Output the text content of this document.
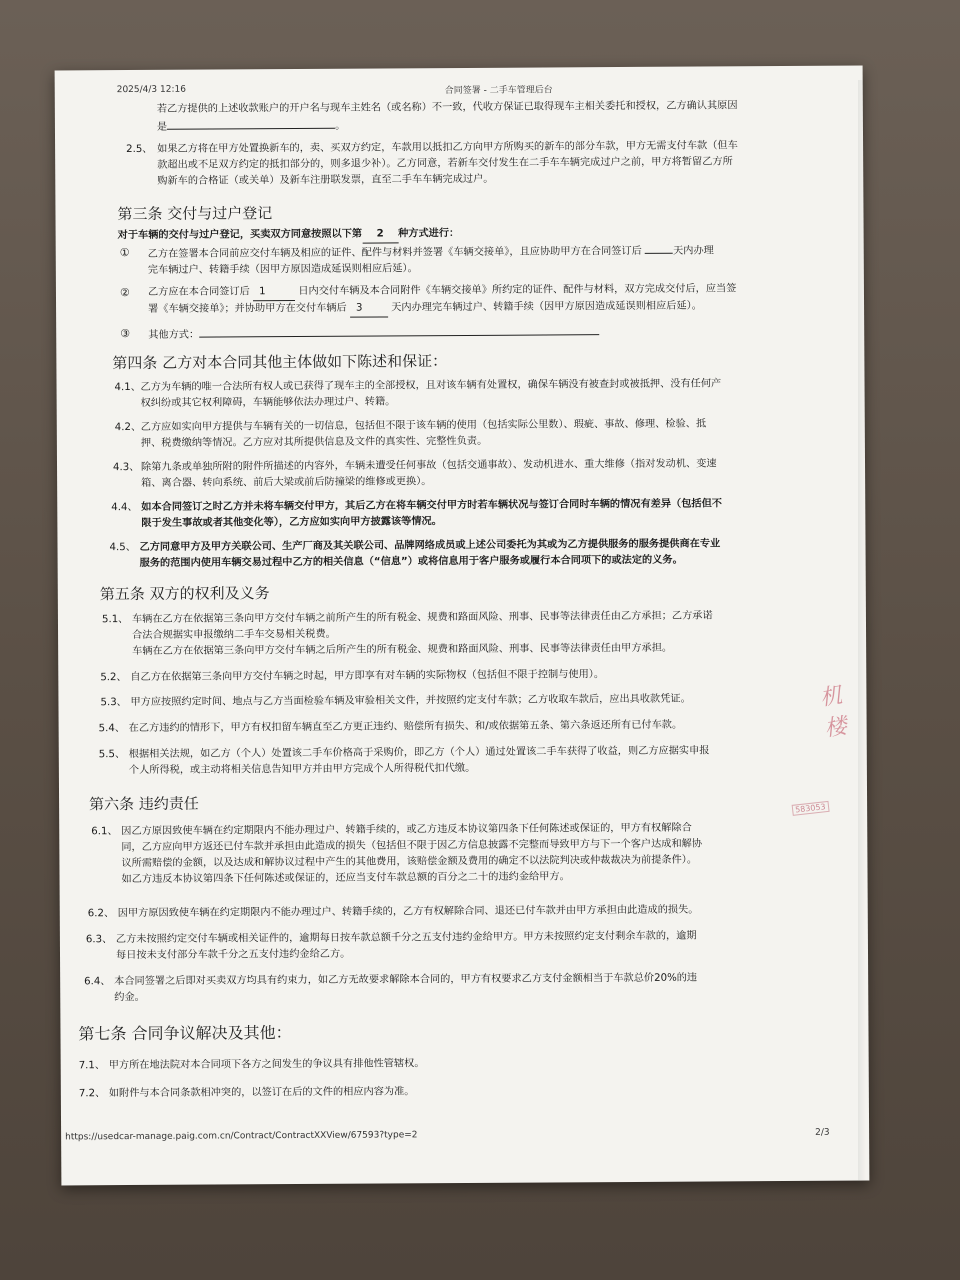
2025/4/3 12:16	合同签署 - 二手车管理后台
若乙方提供的上述收款账户的开户名与现车主姓名（或名称）不一致，代收方保证已取得现车主相关委托和授权，乙方确认其原因
是	。
2.5、 如果乙方将在甲方处置换新车的，卖、买双方约定，车款用以抵扣乙方向甲方所购买的新车的部分车款，甲方无需支付车款（但车
款超出或不足双方约定的抵扣部分的，则多退少补）。乙方同意，若新车交付发生在二手车车辆完成过户之前，甲方将暂留乙方所
购新车的合格证（或关单）及新车注册联发票，直至二手车车辆完成过户。
第三条 交付与过户登记
对于车辆的交付与过户登记，买卖双方同意按照以下第 2 种方式进行：
① 乙方在签署本合同前应交付车辆及相应的证件、配件与材料并签署《车辆交接单》，且应协助甲方在合同签订后	天内办理
完车辆过户、转籍手续（因甲方原因造成延误则相应后延）。
② 乙方应在本合同签订后 1	日内交付车辆及本合同附件《车辆交接单》所约定的证件、配件与材料，双方完成交付后，应当签
署《车辆交接单》；并协助甲方在交付车辆后 3	天内办理完车辆过户、转籍手续（因甲方原因造成延误则相应后延）。
③ 其他方式：
第四条 乙方对本合同其他主体做如下陈述和保证：
4.1、 乙方为车辆的唯一合法所有权人或已获得了现车主的全部授权，且对该车辆有处置权，确保车辆没有被查封或被抵押、没有任何产
权纠纷或其它权利障碍，车辆能够依法办理过户、转籍。
4.2、 乙方应如实向甲方提供与车辆有关的一切信息，包括但不限于该车辆的使用（包括实际公里数）、瑕疵、事故、修理、检验、抵
押、税费缴纳等情况。乙方应对其所提供信息及文件的真实性、完整性负责。
4.3、 除第九条或单独所附的附件所描述的内容外，车辆未遭受任何事故（包括交通事故）、发动机进水、重大维修（指对发动机、变速
箱、离合器、转向系统、前后大梁或前后防撞梁的维修或更换）。
4.4、 如本合同签订之时乙方并未将车辆交付甲方，其后乙方在将车辆交付甲方时若车辆状况与签订合同时车辆的情况有差异（包括但不
限于发生事故或者其他变化等），乙方应如实向甲方披露该等情况。
4.5、 乙方同意甲方及甲方关联公司、生产厂商及其关联公司、品牌网络成员或上述公司委托为其或为乙方提供服务的服务提供商在专业
服务的范围内使用车辆交易过程中乙方的相关信息（“信息”）或将信息用于客户服务或履行本合同项下的或法定的义务。
第五条 双方的权利及义务
5.1、 车辆在乙方在依据第三条向甲方交付车辆之前所产生的所有税金、规费和路面风险、刑事、民事等法律责任由乙方承担；乙方承诺
合法合规据实申报缴纳二手车交易相关税费。
车辆在乙方在依据第三条向甲方交付车辆之后所产生的所有税金、规费和路面风险、刑事、民事等法律责任由甲方承担。
5.2、 自乙方在依据第三条向甲方交付车辆之时起，甲方即享有对车辆的实际物权（包括但不限于控制与使用）。
5.3、 甲方应按照约定时间、地点与乙方当面检验车辆及审验相关文件，并按照约定支付车款；乙方收取车款后，应出具收款凭证。
5.4、 在乙方违约的情形下，甲方有权扣留车辆直至乙方更正违约、赔偿所有损失、和/或依据第五条、第六条返还所有已付车款。
5.5、 根据相关法规，如乙方（个人）处置该二手车价格高于采购价，即乙方（个人）通过处置该二手车获得了收益，则乙方应据实申报
个人所得税，或主动将相关信息告知甲方并由甲方完成个人所得税代扣代缴。
第六条 违约责任
6.1、 因乙方原因致使车辆在约定期限内不能办理过户、转籍手续的，或乙方违反本协议第四条下任何陈述或保证的，甲方有权解除合
同，乙方应向甲方返还已付车款并承担由此造成的损失（包括但不限于因乙方信息披露不完整而导致甲方与下一个客户达成和解协
议所需赔偿的金额，以及达成和解协议过程中产生的其他费用，该赔偿金额及费用的确定不以法院判决或仲裁裁决为前提条件）。
如乙方违反本协议第四条下任何陈述或保证的，还应当支付车款总额的百分之二十的违约金给甲方。
6.2、 因甲方原因致使车辆在约定期限内不能办理过户、转籍手续的，乙方有权解除合同、退还已付车款并由甲方承担由此造成的损失。
6.3、 乙方未按照约定交付车辆或相关证件的，逾期每日按车款总额千分之五支付违约金给甲方。甲方未按照约定支付剩余车款的，逾期
每日按未支付部分车款千分之五支付违约金给乙方。
6.4、 本合同签署之后即对买卖双方均具有约束力，如乙方无故要求解除本合同的，甲方有权要求乙方支付金额相当于车款总价20%的违
约金。
第七条 合同争议解决及其他：
7.1、 甲方所在地法院对本合同项下各方之间发生的争议具有排他性管辖权。
7.2、 如附件与本合同条款相冲突的，以签订在后的文件的相应内容为准。
https://usedcar-manage.paig.com.cn/Contract/ContractXXView/67593?type=2	2/3
机 楼
583053
